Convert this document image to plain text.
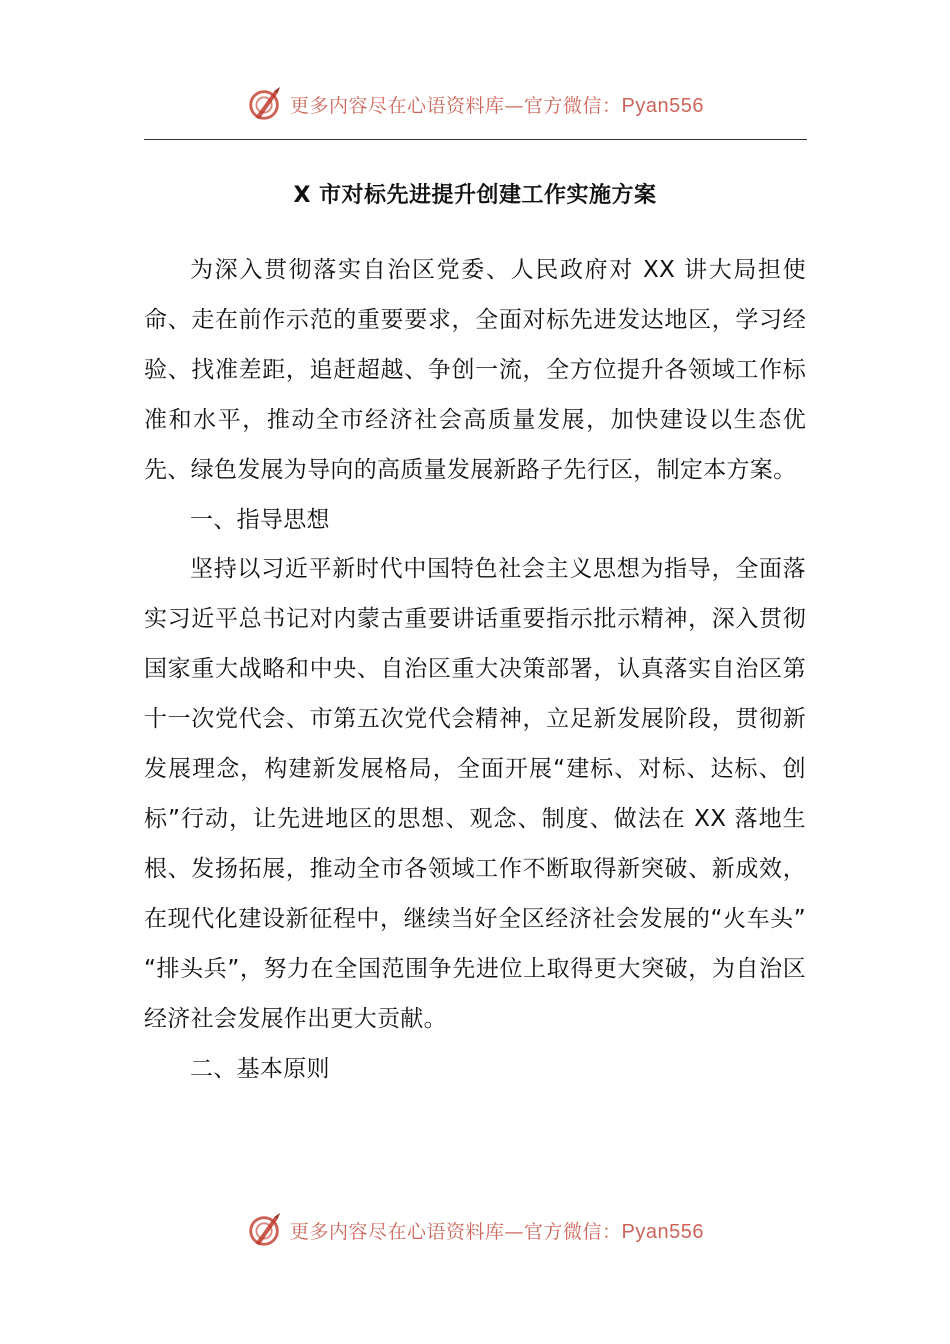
更多内容尽在心语资料库—官方微信：Pyan556
X 市对标先进提升创建工作实施方案

为深入贯彻落实自治区党委、人民政府对 XX 讲大局担使命、走在前作示范的重要要求，全面对标先进发达地区，学习经验、找准差距，追赶超越、争创一流，全方位提升各领域工作标准和水平，推动全市经济社会高质量发展，加快建设以生态优先、绿色发展为导向的高质量发展新路子先行区，制定本方案。

一、指导思想

坚持以习近平新时代中国特色社会主义思想为指导，全面落实习近平总书记对内蒙古重要讲话重要指示批示精神，深入贯彻国家重大战略和中央、自治区重大决策部署，认真落实自治区第十一次党代会、市第五次党代会精神，立足新发展阶段，贯彻新发展理念，构建新发展格局，全面开展“建标、对标、达标、创标”行动，让先进地区的思想、观念、制度、做法在 XX 落地生根、发扬拓展，推动全市各领域工作不断取得新突破、新成效，在现代化建设新征程中，继续当好全区经济社会发展的“火车头” “排头兵”，努力在全国范围争先进位上取得更大突破，为自治区经济社会发展作出更大贡献。

二、基本原则

更多内容尽在心语资料库—官方微信：Pyan556
